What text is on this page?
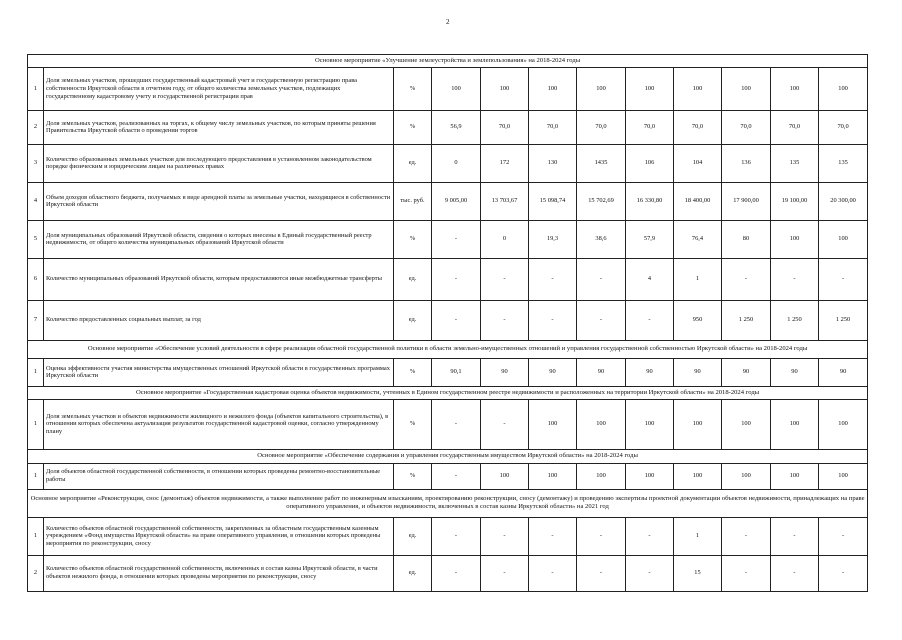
2
Основное мероприятие «Улучшение землеустройства и землепользования» на 2018-2024 годы											
1	Доля земельных участков, прошедших государственный кадастровый учет и государственную регистрацию права собственности Иркутской области в отчетном году, от общего количества земельных участков, подлежащих государственному кадастровому учету и государственной регистрации прав	%	100	100	100	100	100	100	100	100	100
2	Доля земельных участков, реализованных на торгах, к общему числу земельных участков, по которым приняты решения Правительства Иркутской области о проведении торгов	%	56,9	70,0	70,0	70,0	70,0	70,0	70,0	70,0	70,0
3	Количество образованных земельных участков для последующего предоставления в установленном законодательством порядке физическим и юридическим лицам на различных правах	ед.	0	172	130	1435	106	104	136	135	135
4	Объем доходов областного бюджета, получаемых в виде арендной платы за земельные участки, находящиеся в собственности Иркутской области	тыс. руб.	9 005,00	13 703,67	15 098,74	15 702,69	16 330,80	18 400,00	17 900,00	19 100,00	20 300,00
5	Доля муниципальных образований Иркутской области, сведения о которых внесены в Единый государственный реестр недвижимости, от общего количества муниципальных образований Иркутской области	%	-	0	19,3	38,6	57,9	76,4	80	100	100
6	Количество муниципальных образований Иркутской области, которым предоставляются иные межбюджетные трансферты	ед.	-	-	-	-	4	1	-	-	-
7	Количество предоставленных социальных выплат, за год	ед.	-	-	-	-	-	950	1 250	1 250	1 250
Основное мероприятие «Обеспечение условий деятельности в сфере реализации областной государственной политики в области земельно-имущественных отношений и управления государственной собственностью Иркутской области» на 2018-2024 годы											
1	Оценка эффективности участия министерства имущественных отношений Иркутской области в государственных программах Иркутской области	%	90,1	90	90	90	90	90	90	90	90
Основное мероприятие «Государственная кадастровая оценка объектов недвижимости, учтенных в Едином государственном реестре недвижимости и расположенных на территории Иркутской области» на 2018-2024 годы											
1	Доля земельных участков и объектов недвижимости жилищного и нежилого фонда (объектов капитального строительства), в отношении которых обеспечена актуализация результатов государственной кадастровой оценки, согласно утвержденному плану	%	-	-	100	100	100	100	100	100	100
Основное мероприятие «Обеспечение содержания и управления государственным имуществом Иркутской области» на 2018-2024 годы											
1	Доля объектов областной государственной собственности, в отношении которых проведены ремонтно-восстановительные работы	%	-	100	100	100	100	100	100	100	100
Основное мероприятие «Реконструкция, снос (демонтаж) объектов недвижимости, а также выполнение работ по инженерным изысканиям, проектированию реконструкции, сносу (демонтажу) и проведению экспертизы проектной документации объектов недвижимости, принадлежащих на праве оперативного управления, и объектов недвижимости, включенных в состав казны Иркутской области» на 2021 год											
1	Количество объектов областной государственной собственности, закрепленных за областным государственным казенным учреждением «Фонд имущества Иркутской области» на праве оперативного управления, в отношении которых проведены мероприятия по реконструкции, сносу	ед.	-	-	-	-	-	1	-	-	-
2	Количество объектов областной государственной собственности, включенных в состав казны Иркутской области, в части объектов нежилого фонда, в отношении которых проведены мероприятия по реконструкции, сносу	ед.	-	-	-	-	-	15	-	-	-
